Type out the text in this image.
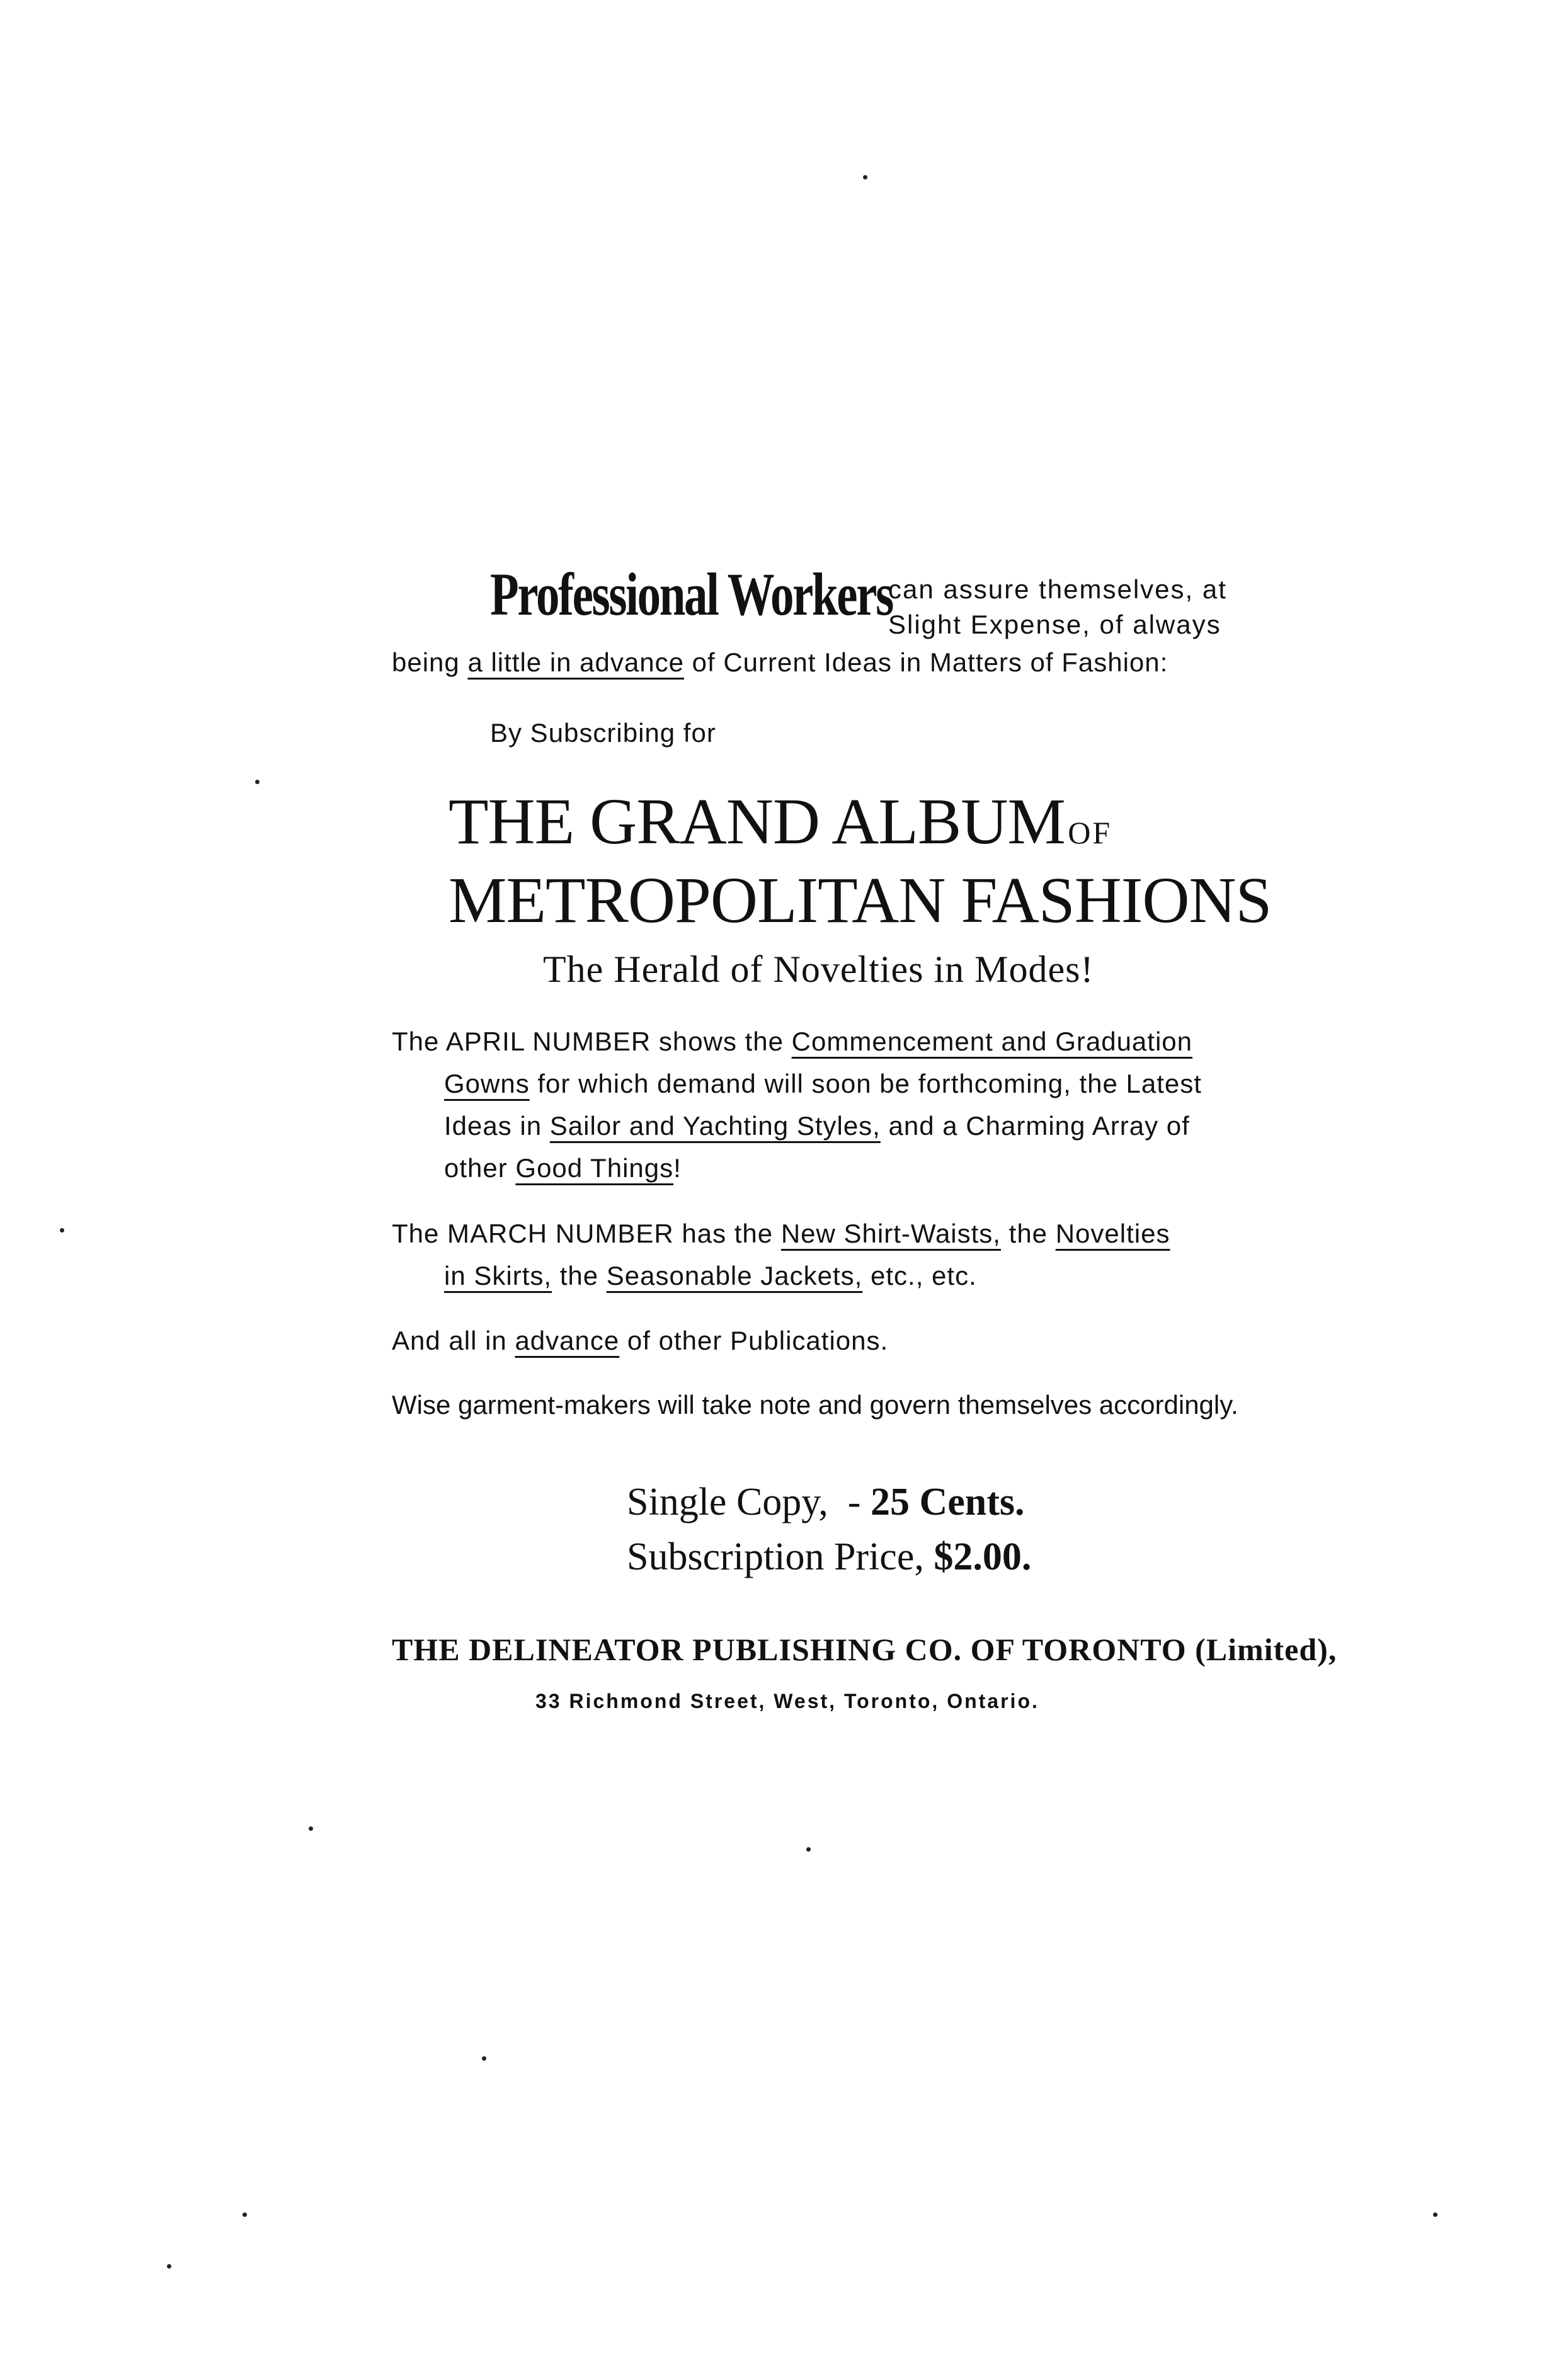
Professional Workers
can assure themselves, at
Slight Expense, of always
being a little in advance of Current Ideas in Matters of Fashion:
By Subscribing for
THE GRAND ALBUM OF
METROPOLITAN FASHIONS
The Herald of Novelties in Modes!
The APRIL NUMBER shows the Commencement and Graduation
Gowns for which demand will soon be forthcoming, the Latest
Ideas in Sailor and Yachting Styles, and a Charming Array of
other Good Things!
The MARCH NUMBER has the New Shirt-Waists, the Novelties
in Skirts, the Seasonable Jackets, etc., etc.
And all in advance of other Publications.
Wise garment-makers will take note and govern themselves accordingly.
Single Copy,  - 25 Cents.
Subscription Price, $2.00.
THE DELINEATOR PUBLISHING CO. OF TORONTO (Limited),
33 Richmond Street, West, Toronto, Ontario.
